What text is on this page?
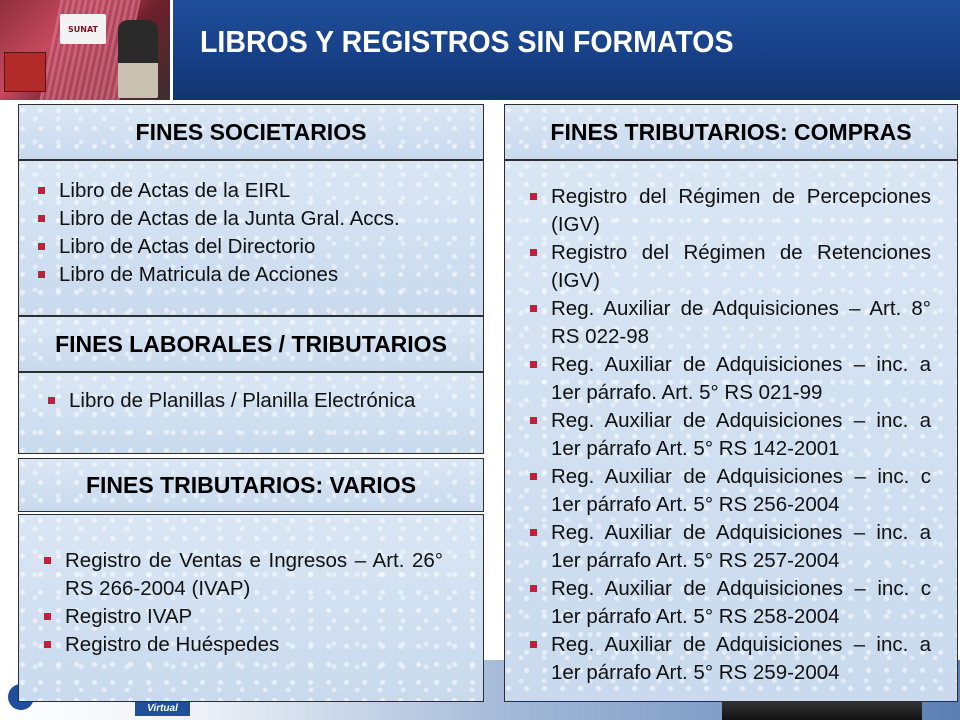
SUNAT	LIBROS Y REGISTROS SIN FORMATOS
Virtual
FINES SOCIETARIOS
Libro de Actas de la EIRL
Libro de Actas de la Junta Gral. Accs.
Libro de Actas del Directorio
Libro de Matricula de Acciones
FINES LABORALES / TRIBUTARIOS
Libro de Planillas / Planilla Electrónica
FINES TRIBUTARIOS: VARIOS
Registro de Ventas e Ingresos – Art. 26° RS 266-2004 (IVAP)
Registro IVAP
Registro de Huéspedes
FINES TRIBUTARIOS: COMPRAS
Registro del Régimen de Percepciones (IGV)
Registro del Régimen de Retenciones (IGV)
Reg. Auxiliar de Adquisiciones – Art. 8° RS 022-98
Reg. Auxiliar de Adquisiciones – inc. a 1er párrafo. Art. 5° RS 021-99
Reg. Auxiliar de Adquisiciones – inc. a 1er párrafo Art. 5° RS 142-2001
Reg. Auxiliar de Adquisiciones – inc. c 1er párrafo Art. 5° RS 256-2004
Reg. Auxiliar de Adquisiciones – inc. a 1er párrafo Art. 5° RS 257-2004
Reg. Auxiliar de Adquisiciones – inc. c 1er párrafo Art. 5° RS 258-2004
Reg. Auxiliar de Adquisiciones – inc. a 1er párrafo Art. 5° RS 259-2004
